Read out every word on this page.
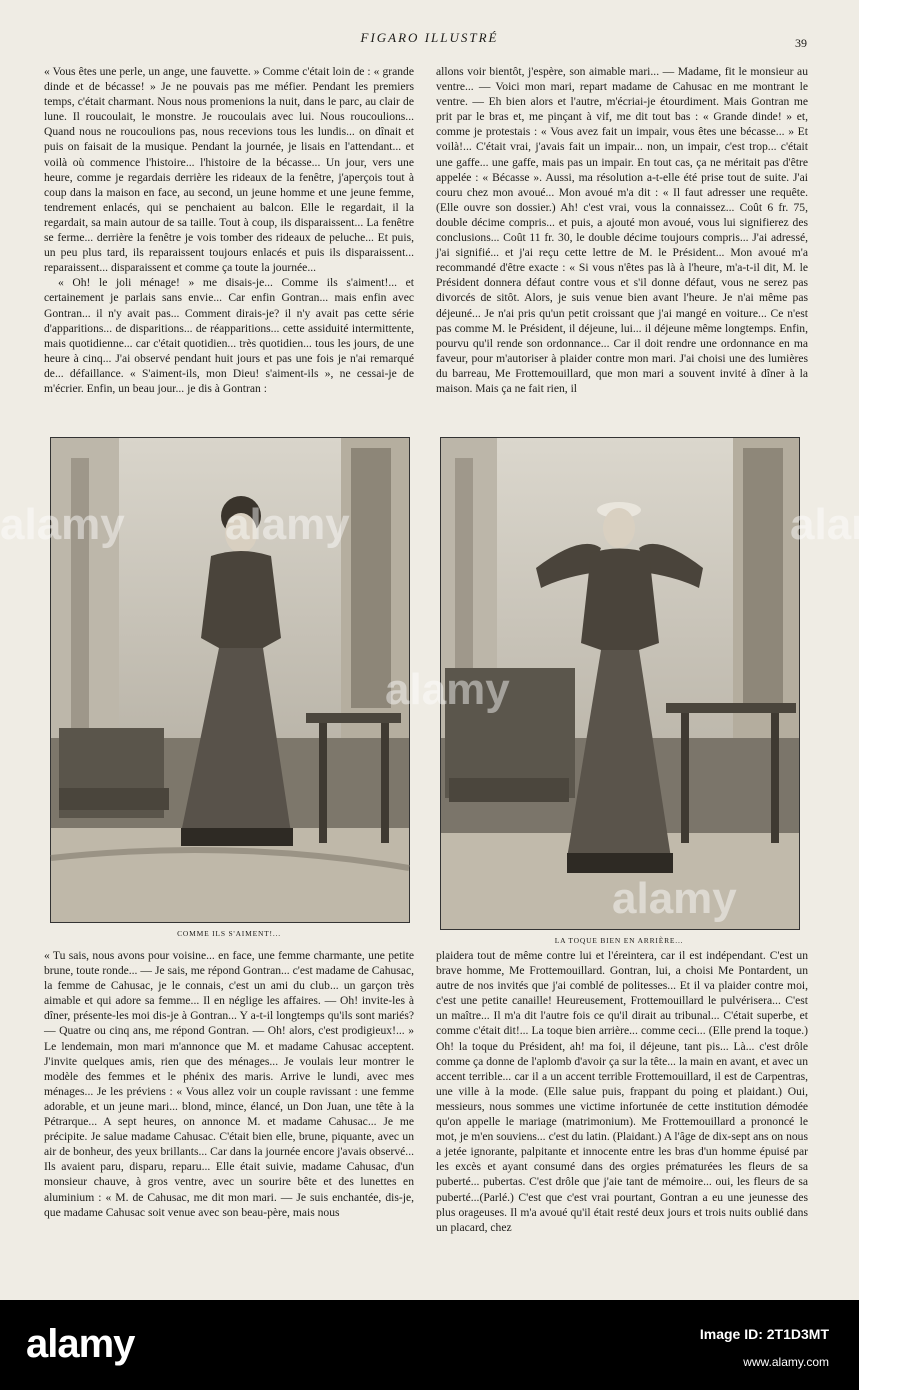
FIGARO ILLUSTRÉ	39

« Vous êtes une perle, un ange, une fauvette. » Comme c'était loin de : « grande dinde et de bécasse! » Je ne pouvais pas me méfier. Pendant les premiers temps, c'était charmant. Nous nous promenions la nuit, dans le parc, au clair de lune. Il roucoulait, le monstre. Je roucoulais avec lui. Nous roucoulions... Quand nous ne roucoulions pas, nous recevions tous les lundis... on dînait et puis on faisait de la musique. Pendant la journée, je lisais en l'attendant... et voilà où commence l'histoire... l'histoire de la bécasse... Un jour, vers une heure, comme je regardais derrière les rideaux de la fenêtre, j'aperçois tout à coup dans la maison en face, au second, un jeune homme et une jeune femme, tendrement enlacés, qui se penchaient au balcon. Elle le regardait, il la regardait, sa main autour de sa taille. Tout à coup, ils disparaissent... La fenêtre se ferme... derrière la fenêtre je vois tomber des rideaux de peluche... Et puis, un peu plus tard, ils reparaissent toujours enlacés et puis ils disparaissent... reparaissent... disparaissent et comme ça toute la journée...

« Oh! le joli ménage! » me disais-je... Comme ils s'aiment!... et certainement je parlais sans envie... Car enfin Gontran... mais enfin avec Gontran... il n'y avait pas... Comment dirais-je? il n'y avait pas cette série d'apparitions... de disparitions... de réapparitions... cette assiduité intermittente, mais quotidienne... car c'était quotidien... très quotidien... tous les jours, de une heure à cinq... J'ai observé pendant huit jours et pas une fois je n'ai remarqué de... défaillance. « S'aiment-ils, mon Dieu! s'aiment-ils », ne cessai-je de m'écrier. Enfin, un beau jour... je dis à Gontran :

allons voir bientôt, j'espère, son aimable mari... — Madame, fit le monsieur au ventre... — Voici mon mari, repart madame de Cahusac en me montrant le ventre. — Eh bien alors et l'autre, m'écriai-je étourdiment. Mais Gontran me prit par le bras et, me pinçant à vif, me dit tout bas : « Grande dinde! » et, comme je protestais : « Vous avez fait un impair, vous êtes une bécasse... » Et voilà!... C'était vrai, j'avais fait un impair... non, un impair, c'est trop... c'était une gaffe... une gaffe, mais pas un impair. En tout cas, ça ne méritait pas d'être appelée : « Bécasse ». Aussi, ma résolution a-t-elle été prise tout de suite. J'ai couru chez mon avoué... Mon avoué m'a dit : « Il faut adresser une requête. (Elle ouvre son dossier.) Ah! c'est vrai, vous la connaissez... Coût 6 fr. 75, double décime compris... et puis, a ajouté mon avoué, vous lui signifierez des conclusions... Coût 11 fr. 30, le double décime toujours compris... J'ai adressé, j'ai signifié... et j'ai reçu cette lettre de M. le Président... Mon avoué m'a recommandé d'être exacte : « Si vous n'êtes pas là à l'heure, m'a-t-il dit, M. le Président donnera défaut contre vous et s'il donne défaut, vous ne serez pas divorcés de sitôt. Alors, je suis venue bien avant l'heure. Je n'ai même pas déjeuné... Je n'ai pris qu'un petit croissant que j'ai mangé en voiture... Ce n'est pas comme M. le Président, il déjeune, lui... il déjeune même longtemps. Enfin, pourvu qu'il rende son ordonnance... Car il doit rendre une ordonnance en ma faveur, pour m'autoriser à plaider contre mon mari. J'ai choisi une des lumières du barreau, Me Frottemouillard, que mon mari a souvent invité à dîner à la maison. Mais ça ne fait rien, il

COMME ILS S'AIMENT!...
LA TOQUE BIEN EN ARRIÈRE...

« Tu sais, nous avons pour voisine... en face, une femme charmante, une petite brune, toute ronde... — Je sais, me répond Gontran... c'est madame de Cahusac, la femme de Cahusac, je le connais, c'est un ami du club... un garçon très aimable et qui adore sa femme... Il en néglige les affaires. — Oh! invite-les à dîner, présente-les moi dis-je à Gontran... Y a-t-il longtemps qu'ils sont mariés? — Quatre ou cinq ans, me répond Gontran. — Oh! alors, c'est prodigieux!... » Le lendemain, mon mari m'annonce que M. et madame Cahusac acceptent. J'invite quelques amis, rien que des ménages... Je voulais leur montrer le modèle des femmes et le phénix des maris. Arrive le lundi, avec mes ménages... Je les préviens : « Vous allez voir un couple ravissant : une femme adorable, et un jeune mari... blond, mince, élancé, un Don Juan, une tête à la Pétrarque... A sept heures, on annonce M. et madame Cahusac... Je me précipite. Je salue madame Cahusac. C'était bien elle, brune, piquante, avec un air de bonheur, des yeux brillants... Car dans la journée encore j'avais observé... Ils avaient paru, disparu, reparu... Elle était suivie, madame Cahusac, d'un monsieur chauve, à gros ventre, avec un sourire bête et des lunettes en aluminium : « M. de Cahusac, me dit mon mari. — Je suis enchantée, dis-je, que madame Cahusac soit venue avec son beau-père, mais nous

plaidera tout de même contre lui et l'éreintera, car il est indépendant. C'est un brave homme, Me Frottemouillard. Gontran, lui, a choisi Me Pontardent, un autre de nos invités que j'ai comblé de politesses... Et il va plaider contre moi, c'est une petite canaille! Heureusement, Frottemouillard le pulvérisera... C'est un maître... Il m'a dit l'autre fois ce qu'il dirait au tribunal... C'était superbe, et comme c'était dit!... La toque bien arrière... comme ceci... (Elle prend la toque.) Oh! la toque du Président, ah! ma foi, il déjeune, tant pis... Là... c'est drôle comme ça donne de l'aplomb d'avoir ça sur la tête... la main en avant, et avec un accent terrible... car il a un accent terrible Frottemouillard, il est de Carpentras, une ville à la mode. (Elle salue puis, frappant du poing et plaidant.) Oui, messieurs, nous sommes une victime infortunée de cette institution démodée qu'on appelle le mariage (matrimonium). Me Frottemouillard a prononcé le mot, je m'en souviens... c'est du latin. (Plaidant.) A l'âge de dix-sept ans on nous a jetée ignorante, palpitante et innocente entre les bras d'un homme épuisé par les excès et ayant consumé dans des orgies prématurées les fleurs de sa puberté... pubertas. C'est drôle que j'aie tant de mémoire... oui, les fleurs de sa puberté...(Parlé.) C'est que c'est vrai pourtant, Gontran a eu une jeunesse des plus orageuses. Il m'a avoué qu'il était resté deux jours et trois nuits oublié dans un placard, chez

alamy alamy
alamy
alamy
alamy
alamy	Image ID: 2T1D3MT
www.alamy.com
